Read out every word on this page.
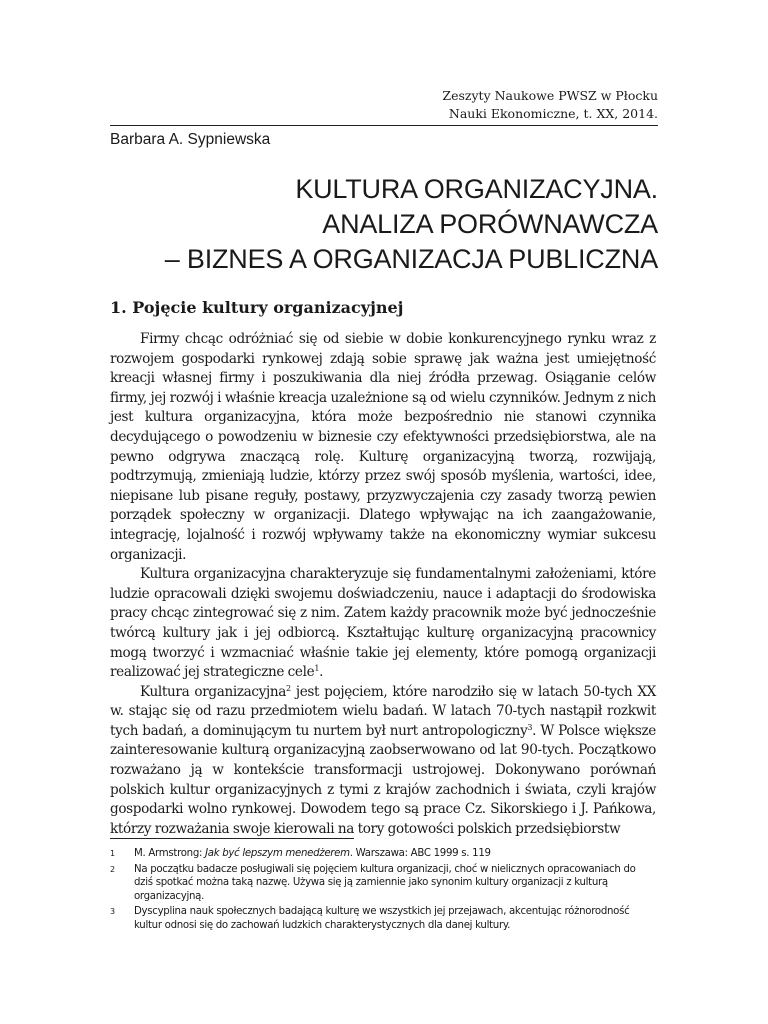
Zeszyty Naukowe PWSZ w Płocku
Nauki Ekonomiczne, t. XX, 2014.
Barbara A. Sypniewska
KULTURA ORGANIZACYJNA.
ANALIZA PORÓWNAWCZA
– BIZNES A ORGANIZACJA PUBLICZNA
1. Pojęcie kultury organizacyjnej

Firmy chcąc odróżniać się od siebie w dobie konkurencyjnego rynku wraz z rozwojem gospodarki rynkowej zdają sobie sprawę jak ważna jest umiejętność kreacji własnej firmy i poszukiwania dla niej źródła przewag. Osiąganie celów firmy, jej rozwój i właśnie kreacja uzależnione są od wielu czynników. Jednym z nich jest kultura organizacyjna, która może bezpośrednio nie stanowi czynnika decydującego o powodzeniu w biznesie czy efektywności przedsiębiorstwa, ale na pewno odgrywa znaczącą rolę. Kulturę organizacyjną tworzą, rozwijają, podtrzymują, zmieniają ludzie, którzy przez swój sposób myślenia, wartości, idee, niepisane lub pisane reguły, postawy, przyzwyczajenia czy zasady tworzą pewien porządek społeczny w organizacji. Dlatego wpływając na ich zaangażowanie, integrację, lojalność i rozwój wpływamy także na ekonomiczny wymiar sukcesu organizacji.

Kultura organizacyjna charakteryzuje się fundamentalnymi założeniami, które ludzie opracowali dzięki swojemu doświadczeniu, nauce i adaptacji do środowiska pracy chcąc zintegrować się z nim. Zatem każdy pracownik może być jednocześnie twórcą kultury jak i jej odbiorcą. Kształtując kulturę organizacyjną pracownicy mogą tworzyć i wzmacniać właśnie takie jej elementy, które pomogą organizacji realizować jej strategiczne cele$^1$.

Kultura organizacyjna$^2$ jest pojęciem, które narodziło się w latach 50-tych XX w. stając się od razu przedmiotem wielu badań. W latach 70-tych nastąpił rozkwit tych badań, a dominującym tu nurtem był nurt antropologiczny$^3$. W Polsce większe zainteresowanie kulturą organizacyjną zaobserwowano od lat 90-tych. Początkowo rozważano ją w kontekście transformacji ustrojowej. Dokonywano porównań polskich kultur organizacyjnych z tymi z krajów zachodnich i świata, czyli krajów gospodarki wolno rynkowej. Dowodem tego są prace Cz. Sikorskiego i J. Pańkowa, którzy rozważania swoje kierowali na tory gotowości polskich przedsiębiorstw

1	M. Armstrong: Jak być lepszym menedżerem. Warszawa: ABC 1999 s. 119
2	Na początku badacze posługiwali się pojęciem kultura organizacji, choć w nielicznych opracowaniach do dziś spotkać można taką nazwę. Używa się ją zamiennie jako synonim kultury organizacji z kulturą organizacyjną.
3	Dyscyplina nauk społecznych badającą kulturę we wszystkich jej przejawach, akcentując różnorodność kultur odnosi się do zachowań ludzkich charakterystycznych dla danej kultury.
